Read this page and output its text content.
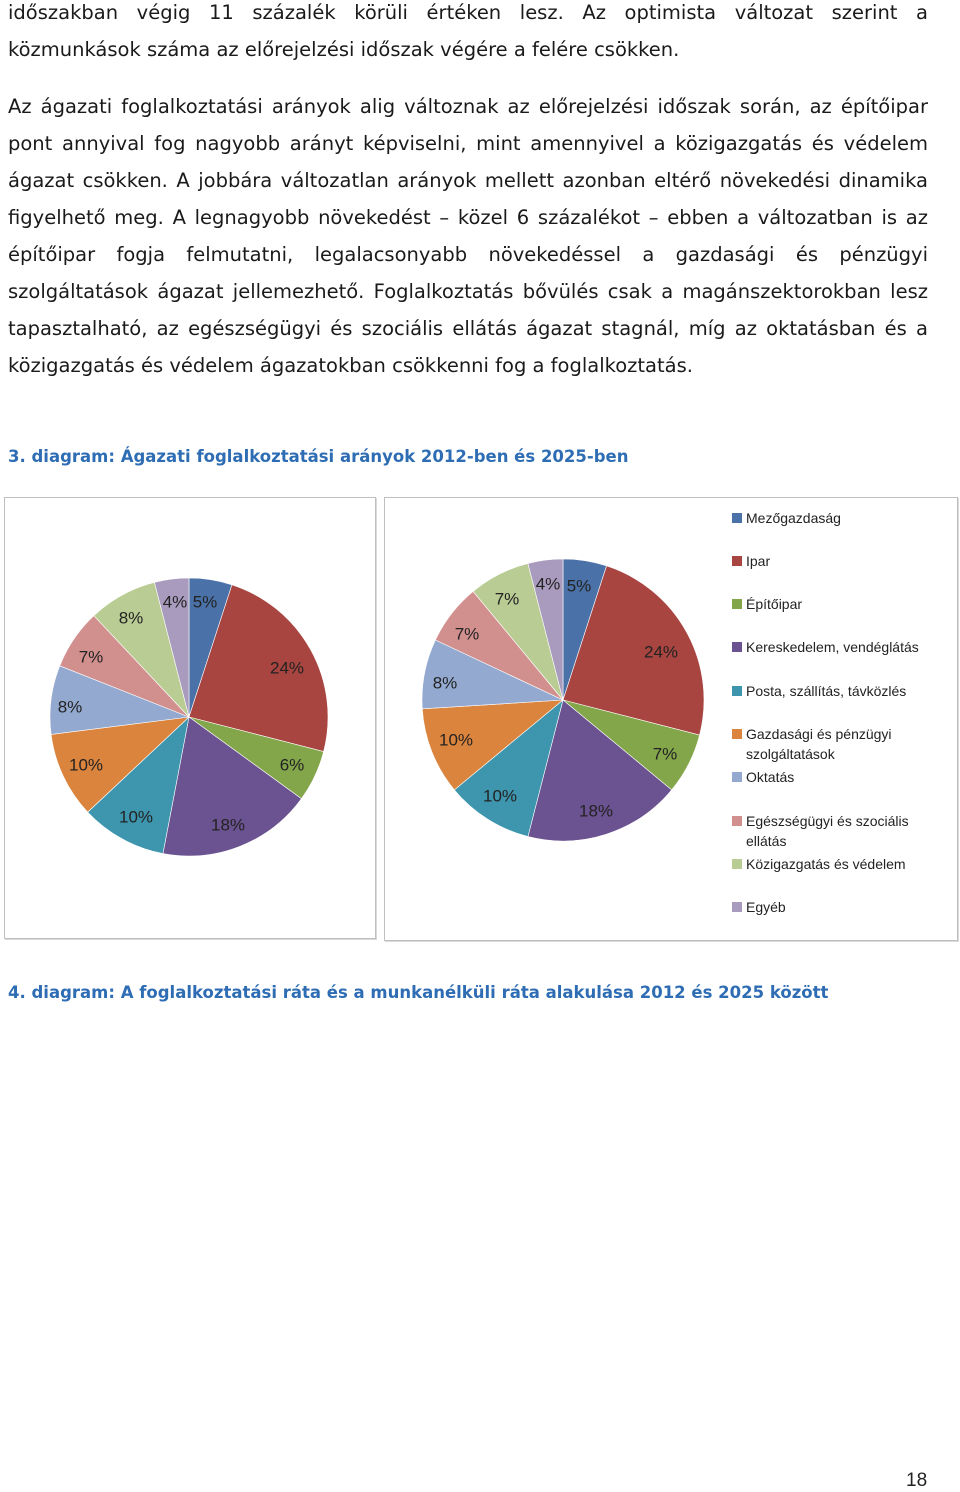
időszakban végig 11 százalék körüli értéken lesz. Az optimista változat szerint a közmunkások száma az előrejelzési időszak végére a felére csökken.

Az ágazati foglalkoztatási arányok alig változnak az előrejelzési időszak során, az építőipar pont annyival fog nagyobb arányt képviselni, mint amennyivel a közigazgatás és védelem ágazat csökken. A jobbára változatlan arányok mellett azonban eltérő növekedési dinamika figyelhető meg. A legnagyobb növekedést – közel 6 százalékot – ebben a változatban is az építőipar fogja felmutatni, legalacsonyabb növekedéssel a gazdasági és pénzügyi szolgáltatások ágazat jellemezhető. Foglalkoztatás bővülés csak a magánszektorokban lesz tapasztalható, az egészségügyi és szociális ellátás ágazat stagnál, míg az oktatásban és a közigazgatás és védelem ágazatokban csökkenni fog a foglalkoztatás.

3. diagram: Ágazati foglalkoztatási arányok 2012-ben és 2025-ben

5%
24%
6%
18%
10%
10%
8%
7%
8%
4%
5%
24%
7%
18%
10%
10%
8%
7%
7%
4%
Mezőgazdaság
Ipar
Építőipar
Kereskedelem, vendéglátás
Posta, szállítás, távközlés
Gazdasági és pénzügyi szolgáltatások
Oktatás
Egészségügyi és szociális ellátás
Közigazgatás és védelem
Egyéb

4. diagram: A foglalkoztatási ráta és a munkanélküli ráta alakulása 2012 és 2025 között

18
